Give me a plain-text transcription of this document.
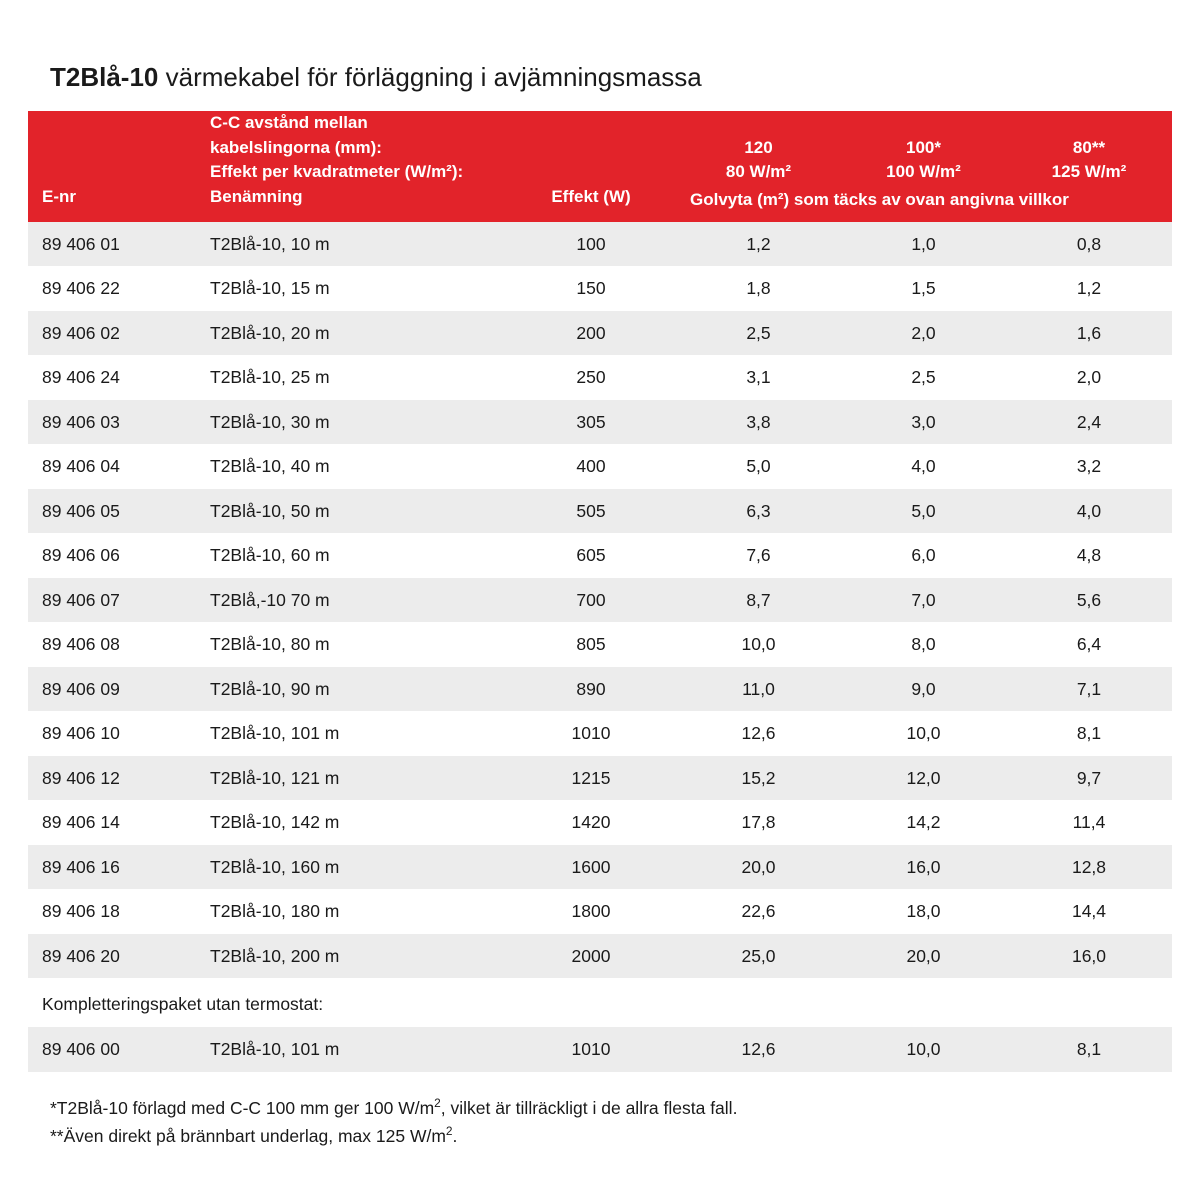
T2Blå-10 värmekabel för förläggning i avjämningsmassa
E-nr

C-C avstånd mellan kabelslingorna (mm):
Effekt per kvadratmeter (W/m²):
Benämning	Effekt (W)

120
80 W/m²
Golvyta (m²) som täcks av ovan angivna villkor

100*
100 W/m²

80**
125 W/m²

89 406 01	T2Blå-10, 10 m	100	1,2	1,0	0,8
89 406 22	T2Blå-10, 15 m	150	1,8	1,5	1,2
89 406 02	T2Blå-10, 20 m	200	2,5	2,0	1,6
89 406 24	T2Blå-10, 25 m	250	3,1	2,5	2,0
89 406 03	T2Blå-10, 30 m	305	3,8	3,0	2,4
89 406 04	T2Blå-10, 40 m	400	5,0	4,0	3,2
89 406 05	T2Blå-10, 50 m	505	6,3	5,0	4,0
89 406 06	T2Blå-10, 60 m	605	7,6	6,0	4,8
89 406 07	T2Blå,-10 70 m	700	8,7	7,0	5,6
89 406 08	T2Blå-10, 80 m	805	10,0	8,0	6,4
89 406 09	T2Blå-10, 90 m	890	11,0	9,0	7,1
89 406 10	T2Blå-10, 101 m	1010	12,6	10,0	8,1
89 406 12	T2Blå-10, 121 m	1215	15,2	12,0	9,7
89 406 14	T2Blå-10, 142 m	1420	17,8	14,2	11,4
89 406 16	T2Blå-10, 160 m	1600	20,0	16,0	12,8
89 406 18	T2Blå-10, 180 m	1800	22,6	18,0	14,4
89 406 20	T2Blå-10, 200 m	2000	25,0	20,0	16,0
Kompletteringspaket utan termostat:					
89 406 00	T2Blå-10, 101 m	1010	12,6	10,0	8,1
*T2Blå-10 förlagd med C-C 100 mm ger 100 $W/m^2$, vilket är tillräckligt i de allra flesta fall.
**Även direkt på brännbart underlag, max 125 $W/m^2$.
